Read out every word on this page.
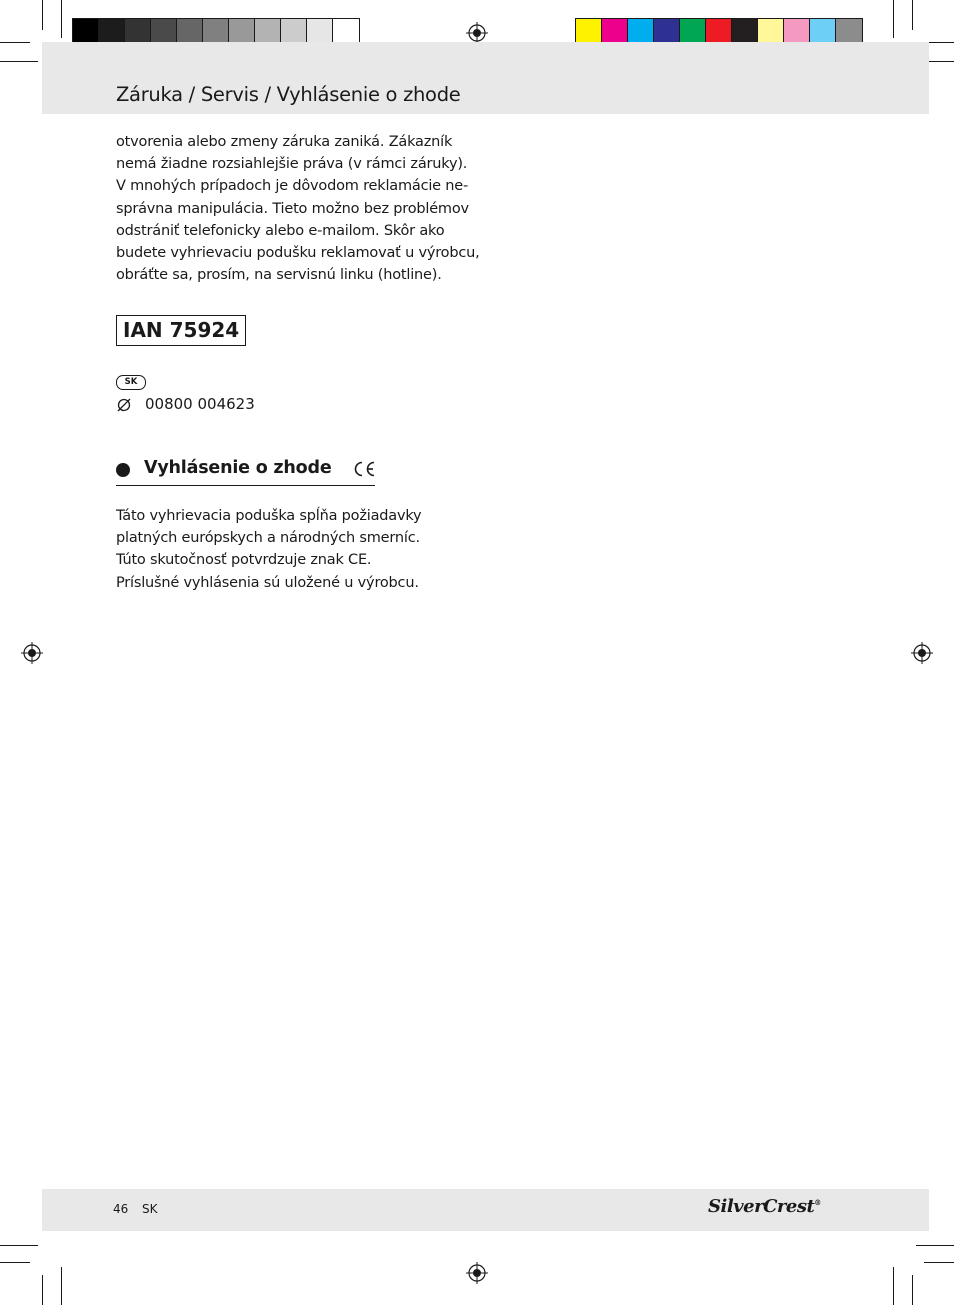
Záruka / Servis / Vyhlásenie o zhode
otvorenia alebo zmeny záruka zaniká. Zákazník
nemá žiadne rozsiahlejšie práva (v rámci záruky).
V mnohých prípadoch je dôvodom reklamácie ne-
správna manipulácia. Tieto možno bez problémov
odstrániť telefonicky alebo e-mailom. Skôr ako
budete vyhrievaciu podušku reklamovať u výrobcu,
obráťte sa, prosím, na servisnú linku (hotline).
IAN 75924
SK
00800 004623
Vyhlásenie o zhode
Táto vyhrievacia poduška spĺňa požiadavky
platných európskych a národných smerníc.
Túto skutočnosť potvrdzuje znak CE.
Príslušné vyhlásenia sú uložené u výrobcu.
46 SK	SilverCrest®
